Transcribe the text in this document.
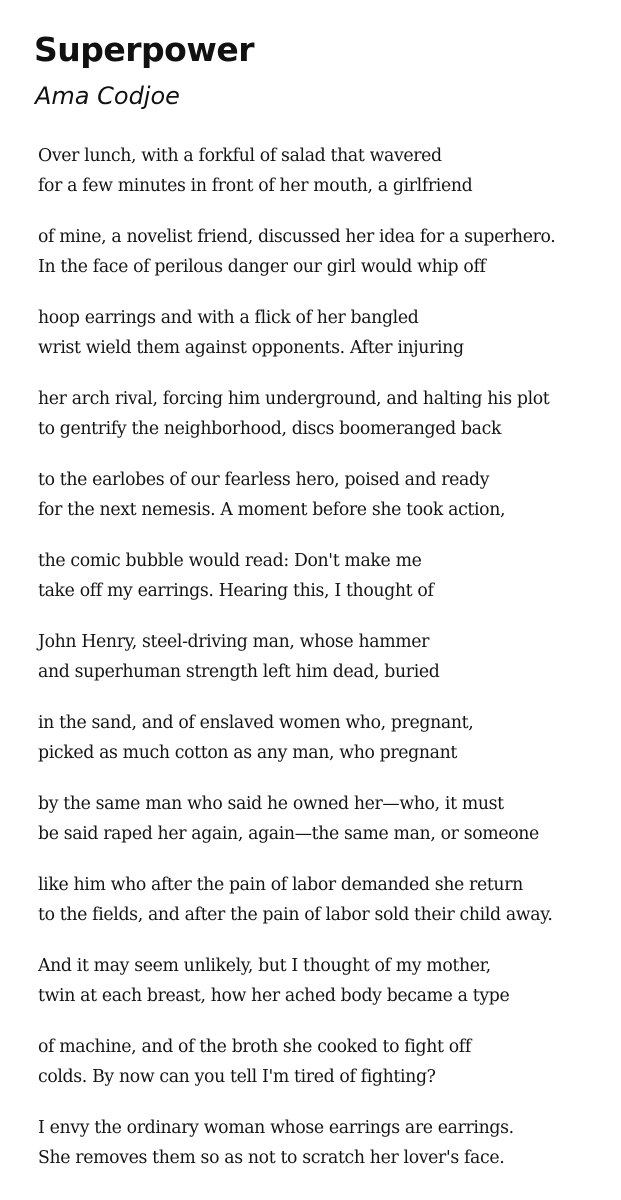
Superpower
Ama Codjoe

Over lunch, with a forkful of salad that wavered
for a few minutes in front of her mouth, a girlfriend

of mine, a novelist friend, discussed her idea for a superhero.
In the face of perilous danger our girl would whip off

hoop earrings and with a flick of her bangled
wrist wield them against opponents. After injuring

her arch rival, forcing him underground, and halting his plot
to gentrify the neighborhood, discs boomeranged back

to the earlobes of our fearless hero, poised and ready
for the next nemesis. A moment before she took action,

the comic bubble would read: Don't make me
take off my earrings. Hearing this, I thought of

John Henry, steel-driving man, whose hammer
and superhuman strength left him dead, buried

in the sand, and of enslaved women who, pregnant,
picked as much cotton as any man, who pregnant

by the same man who said he owned her—who, it must
be said raped her again, again—the same man, or someone

like him who after the pain of labor demanded she return
to the fields, and after the pain of labor sold their child away.

And it may seem unlikely, but I thought of my mother,
twin at each breast, how her ached body became a type

of machine, and of the broth she cooked to fight off
colds. By now can you tell I'm tired of fighting?

I envy the ordinary woman whose earrings are earrings.
She removes them so as not to scratch her lover's face.
